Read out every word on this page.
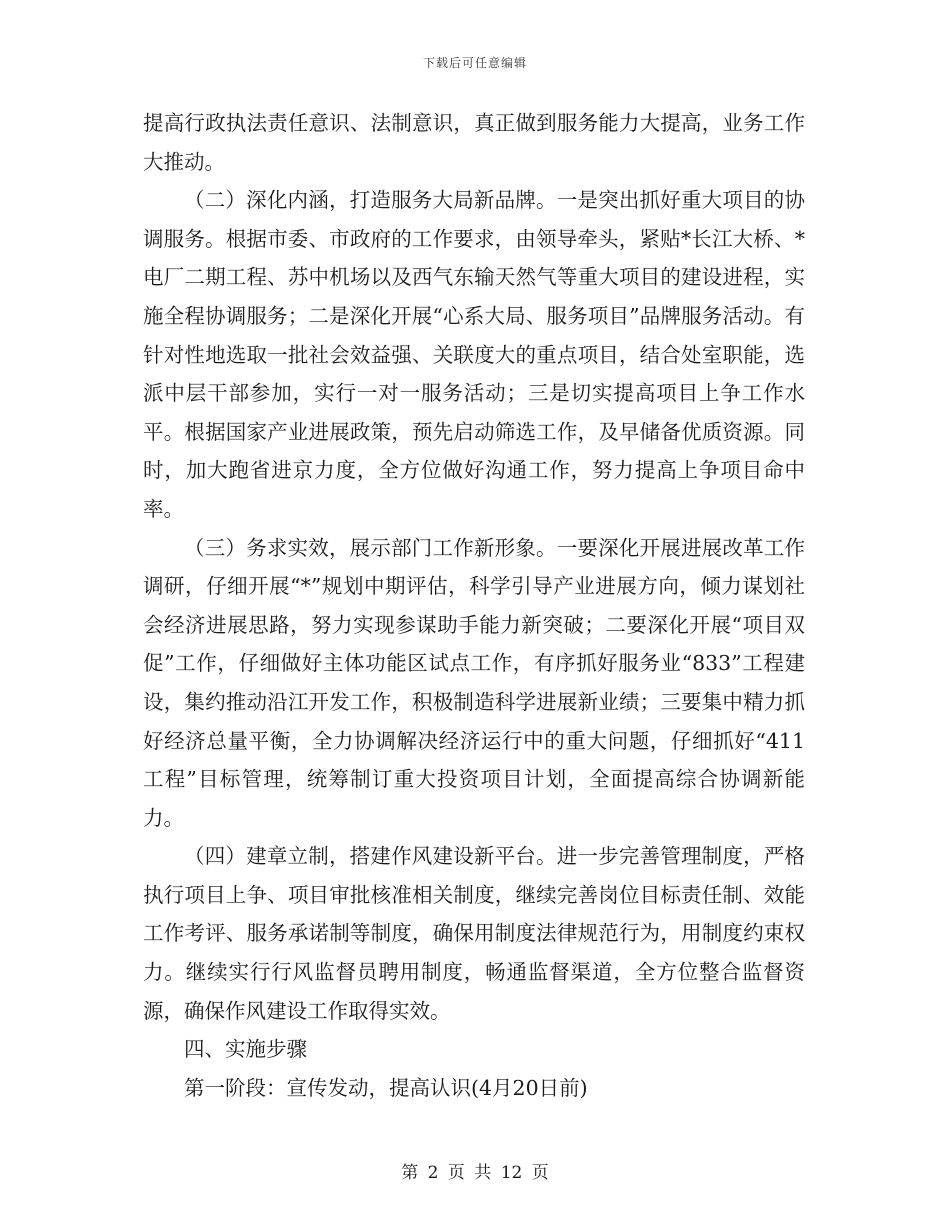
下载后可任意编辑

提高行政执法责任意识、法制意识，真正做到服务能力大提高，业务工作大推动。

（二）深化内涵，打造服务大局新品牌。一是突出抓好重大项目的协调服务。根据市委、市政府的工作要求，由领导牵头，紧贴*长江大桥、*电厂二期工程、苏中机场以及西气东输天然气等重大项目的建设进程，实施全程协调服务；二是深化开展“心系大局、服务项目”品牌服务活动。有针对性地选取一批社会效益强、关联度大的重点项目，结合处室职能，选派中层干部参加，实行一对一服务活动；三是切实提高项目上争工作水平。根据国家产业进展政策，预先启动筛选工作，及早储备优质资源。同时，加大跑省进京力度，全方位做好沟通工作，努力提高上争项目命中率。

（三）务求实效，展示部门工作新形象。一要深化开展进展改革工作调研，仔细开展“*”规划中期评估，科学引导产业进展方向，倾力谋划社会经济进展思路，努力实现参谋助手能力新突破；二要深化开展“项目双促”工作，仔细做好主体功能区试点工作，有序抓好服务业“833”工程建设，集约推动沿江开发工作，积极制造科学进展新业绩；三要集中精力抓好经济总量平衡，全力协调解决经济运行中的重大问题，仔细抓好“411工程”目标管理，统筹制订重大投资项目计划，全面提高综合协调新能力。

（四）建章立制，搭建作风建设新平台。进一步完善管理制度，严格执行项目上争、项目审批核准相关制度，继续完善岗位目标责任制、效能工作考评、服务承诺制等制度，确保用制度法律规范行为，用制度约束权力。继续实行行风监督员聘用制度，畅通监督渠道，全方位整合监督资源，确保作风建设工作取得实效。

四、实施步骤

第一阶段：宣传发动，提高认识(4月20日前)

第 2 页 共 12 页
